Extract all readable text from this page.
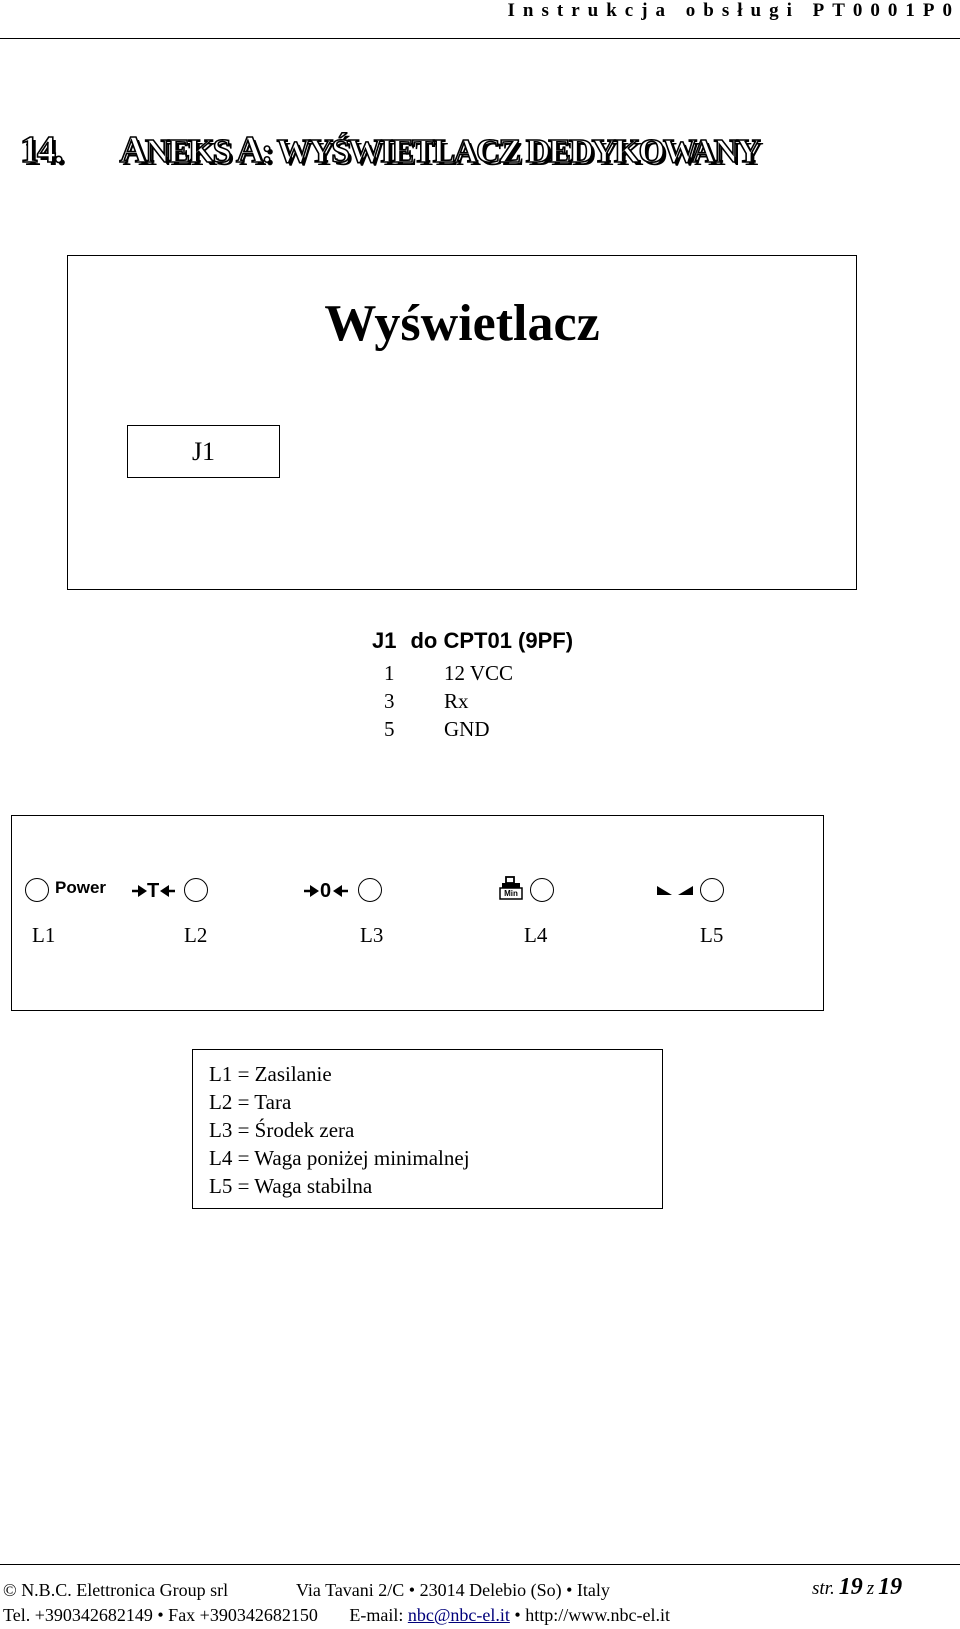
Instrukcja obsługi PT0001P0
14. ANEKS A: WYŚWIETLACZ DEDYKOWANY
Wyświetlacz
J1
J1 do CPT01 (9PF)
1 12 VCC
3 Rx
5 GND
Power T	0	Min
L1	L2	L3	L4	L5
L1 = Zasilanie
L2 = Tara
L3 = Środek zera
L4 = Waga poniżej minimalnej
L5 = Waga stabilna
© N.B.C. Elettronica Group srl	Via Tavani 2/C • 23014 Delebio (So) • Italy	str. 19 z 19
Tel. +390342682149 • Fax +390342682150 E-mail: nbc@nbc-el.it • http://www.nbc-el.it
